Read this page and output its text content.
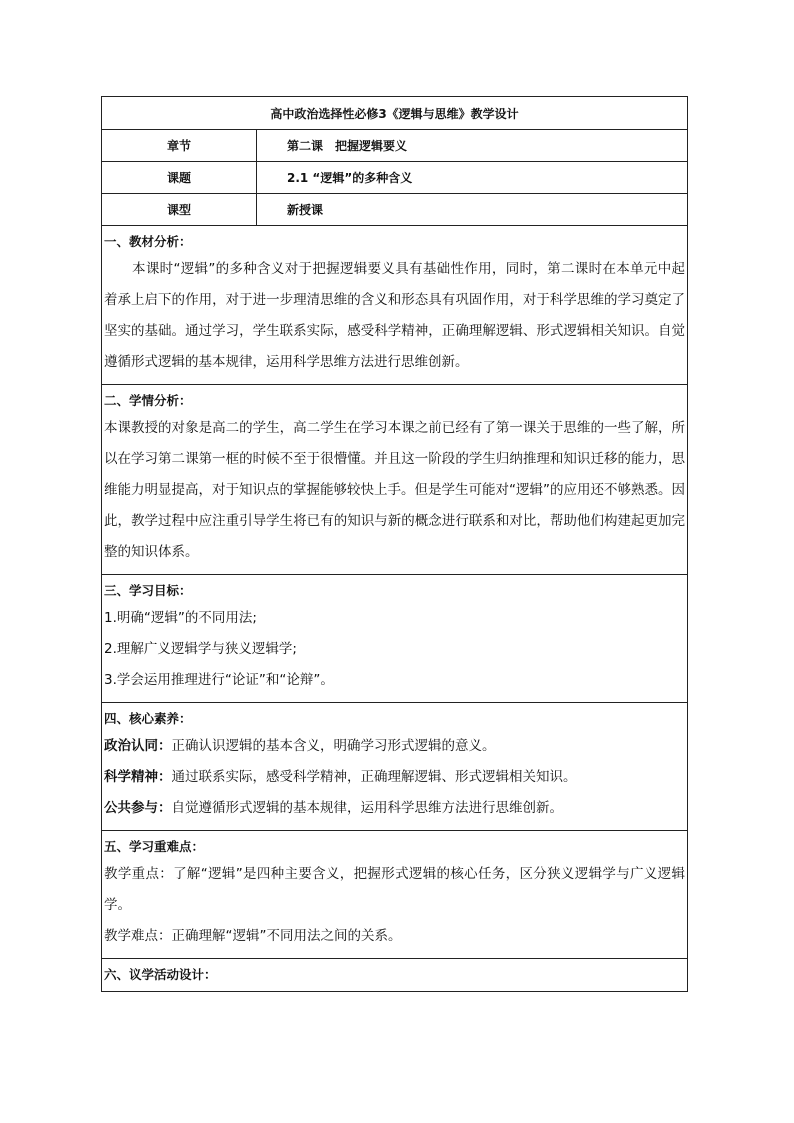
高中政治选择性必修3《逻辑与思维》教学设计	
章节	第二课　把握逻辑要义
课题	2.1 “逻辑”的多种含义
课型	新授课

一、教材分析：
本课时“逻辑”的多种含义对于把握逻辑要义具有基础性作用，同时，第二课时在本单元中起着承上启下的作用，对于进一步理清思维的含义和形态具有巩固作用，对于科学思维的学习奠定了坚实的基础。通过学习，学生联系实际，感受科学精神，正确理解逻辑、形式逻辑相关知识。自觉遵循形式逻辑的基本规律，运用科学思维方法进行思维创新。	

二、学情分析：
本课教授的对象是高二的学生，高二学生在学习本课之前已经有了第一课关于思维的一些了解，所以在学习第二课第一框的时候不至于很懵懂。并且这一阶段的学生归纳推理和知识迁移的能力，思维能力明显提高，对于知识点的掌握能够较快上手。但是学生可能对“逻辑”的应用还不够熟悉。因此，教学过程中应注重引导学生将已有的知识与新的概念进行联系和对比，帮助他们构建起更加完整的知识体系。	

三、学习目标：
1.明确“逻辑”的不同用法;
2.理解广义逻辑学与狭义逻辑学;
3.学会运用推理进行“论证”和“论辩”。	

四、核心素养：
政治认同：正确认识逻辑的基本含义，明确学习形式逻辑的意义。
科学精神：通过联系实际，感受科学精神，正确理解逻辑、形式逻辑相关知识。
公共参与：自觉遵循形式逻辑的基本规律，运用科学思维方法进行思维创新。	

五、学习重难点：
教学重点：了解“逻辑”是四种主要含义，把握形式逻辑的核心任务，区分狭义逻辑学与广义逻辑学。
教学难点：正确理解“逻辑”不同用法之间的关系。	

六、议学活动设计：	
